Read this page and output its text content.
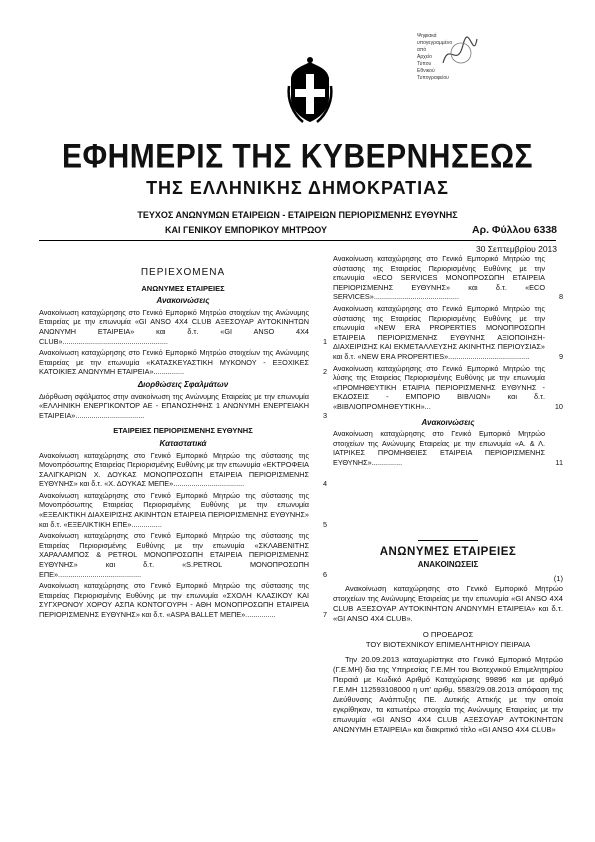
Ψηφιακά
υπογεγραμμένο
από
Αρχείο
Τύπου
Εθνικού
Τυπογραφείου
ΕΦΗΜΕΡΙΣ ΤΗΣ ΚΥΒΕΡΝΗΣΕΩΣ
ΤΗΣ ΕΛΛΗΝΙΚΗΣ ΔΗΜΟΚΡΑΤΙΑΣ
ΤΕΥΧΟΣ ΑΝΩΝΥΜΩΝ ΕΤΑΙΡΕΙΩΝ - ΕΤΑΙΡΕΙΩΝ ΠΕΡΙΟΡΙΣΜΕΝΗΣ ΕΥΘΥΝΗΣ
ΚΑΙ ΓΕΝΙΚΟΥ ΕΜΠΟΡΙΚΟΥ ΜΗΤΡΩΟΥ	Αρ. Φύλλου 6338
30 Σεπτεμβρίου 2013
ΠΕΡΙΕΧΟΜΕΝΑ
ΑΝΩΝΥΜΕΣ ΕΤΑΙΡΕΙΕΣ
Ανακοινώσεις
Ανακοίνωση καταχώρησης στο Γενικό Εμπορικό Μητρώο στοιχείων της Ανώνυμης Εταιρείας με την επωνυμία «GI ANSO 4X4 CLUB ΑΞΕΣΟΥΑΡ ΑΥΤΟΚΙΝΗΤΩΝ ΑΝΩΝΥΜΗ ΕΤΑΙΡΕΙΑ» και δ.τ. «GI ANSO 4X4 CLUB»....................................................	1
Ανακοίνωση καταχώρησης στο Γενικό Εμπορικό Μητρώο στοιχείων της Ανώνυμης Εταιρείας με την επωνυμία «ΚΑΤΑΣΚΕΥΑΣΤΙΚΗ ΜΥΚΟΝΟΥ - ΕΞΟΧΙΚΕΣ ΚΑΤΟΙΚΙΕΣ ΑΝΩΝΥΜΗ ΕΤΑΙΡΕΙΑ»...............	2
Διορθώσεις Σφαλμάτων
Διόρθωση σφάλματος στην ανακοίνωση της Ανώνυμης Εταιρείας με την επωνυμία «ΕΛΛΗΝΙΚΗ ΕΝΕΡΓΙΚΟΝΤΟΡ ΑΕ - ΕΠΑΝΟΣΗΦΗΣ 1 ΑΝΩΝΥΜΗ ΕΝΕΡΓΕΙΑΚΗ ΕΤΑΙΡΕΙΑ»..................................	3
ΕΤΑΙΡΕΙΕΣ ΠΕΡΙΟΡΙΣΜΕΝΗΣ ΕΥΘΥΝΗΣ
Καταστατικά
Ανακοίνωση καταχώρησης στο Γενικό Εμπορικό Μητρώο της σύστασης της Μονοπρόσωπης Εταιρείας Περιορισμένης Ευθύνης με την επωνυμία «ΕΚΤΡΟΦΕΙΑ ΣΑΛΙΓΚΑΡΙΩΝ Χ. ΔΟΥΚΑΣ ΜΟΝΟΠΡΟΣΩΠΗ ΕΤΑΙΡΕΙΑ ΠΕΡΙΟΡΙΣΜΕΝΗΣ ΕΥΘΥΝΗΣ» και δ.τ. «Χ. ΔΟΥΚΑΣ ΜΕΠΕ»...................................	4
Ανακοίνωση καταχώρησης στο Γενικό Εμπορικό Μητρώο της σύστασης της Μονοπρόσωπης Εταιρείας Περιορισμένης Ευθύνης με την επωνυμία «ΕΞΕΛΙΚΤΙΚΗ ΔΙΑΧΕΙΡΙΣΗΣ ΑΚΙΝΗΤΩΝ ΕΤΑΙΡΕΙΑ ΠΕΡΙΟΡΙΣΜΕΝΗΣ ΕΥΘΥΝΗΣ» και δ.τ. «ΕΞΕΛΙΚΤΙΚΗ ΕΠΕ»...............	5
Ανακοίνωση καταχώρησης στο Γενικό Εμπορικό Μητρώο της σύστασης της Εταιρείας Περιορισμένης Ευθύνης με την επωνυμία «ΣΚΛΑΒΕΝΙΤΗΣ ΧΑΡΑΛΑΜΠΟΣ & PETROL ΜΟΝΟΠΡΟΣΩΠΗ ΕΤΑΙΡΕΙΑ ΠΕΡΙΟΡΙΣΜΕΝΗΣ ΕΥΘΥΝΗΣ» και δ.τ. «S.PETROL ΜΟΝΟΠΡΟΣΩΠΗ ΕΠΕ».........................................	6
Ανακοίνωση καταχώρησης στο Γενικό Εμπορικό Μητρώο της σύστασης της Εταιρείας Περιορισμένης Ευθύνης με την επωνυμία «ΣΧΟΛΗ ΚΛΑΣΙΚΟΥ ΚΑΙ ΣΥΓΧΡΟΝΟΥ ΧΟΡΟΥ ΑΣΠΑ ΚΟΝΤΟΓΟΥΡΗ - ΑΘΗ ΜΟΝΟΠΡΟΣΩΠΗ ΕΤΑΙΡΕΙΑ ΠΕΡΙΟΡΙΣΜΕΝΗΣ ΕΥΘΥΝΗΣ» και δ.τ. «ASPA BALLET ΜΕΠΕ»...............	7
Ανακοίνωση καταχώρησης στο Γενικό Εμπορικό Μητρώο της σύστασης της Εταιρείας Περιορισμένης Ευθύνης με την επωνυμία «ECO SERVICES ΜΟΝΟΠΡΟΣΩΠΗ ΕΤΑΙΡΕΙΑ ΠΕΡΙΟΡΙΣΜΕΝΗΣ ΕΥΘΥΝΗΣ» και δ.τ. «ECO SERVICES»..........................................	8
Ανακοίνωση καταχώρησης στο Γενικό Εμπορικό Μητρώο της σύστασης της Εταιρείας Περιορισμένης Ευθύνης με την επωνυμία «NEW ERA PROPERTIES ΜΟΝΟΠΡΟΣΩΠΗ ΕΤΑΙΡΕΙΑ ΠΕΡΙΟΡΙΣΜΕΝΗΣ ΕΥΘΥΝΗΣ ΑΞΙΟΠΟΙΗΣΗ-ΔΙΑΧΕΙΡΙΣΗΣ ΚΑΙ ΕΚΜΕΤΑΛΛΕΥΣΗΣ ΑΚΙΝΗΤΗΣ ΠΕΡΙΟΥΣΙΑΣ» και δ.τ. «NEW ERA PROPERTIES»........................................	9
Ανακοίνωση καταχώρησης στο Γενικό Εμπορικό Μητρώο της λύσης της Εταιρείας Περιορισμένης Ευθύνης με την επωνυμία «ΠΡΟΜΗΘΕΥΤΙΚΗ ΕΤΑΙΡΙΑ ΠΕΡΙΟΡΙΣΜΕΝΗΣ ΕΥΘΥΝΗΣ - ΕΚΔΟΣΕΙΣ - ΕΜΠΟΡΙΟ ΒΙΒΛΙΩΝ» και δ.τ. «ΒΙΒΛΙΟΠΡΟΜΗΘΕΥΤΙΚΗ»...	10
Ανακοινώσεις
Ανακοίνωση καταχώρησης στο Γενικό Εμπορικό Μητρώο στοιχείων της Ανώνυμης Εταιρείας με την επωνυμία «Α. & Λ. ΙΑΤΡΙΚΕΣ ΠΡΟΜΗΘΕΙΕΣ ΕΤΑΙΡΕΙΑ ΠΕΡΙΟΡΙΣΜΕΝΗΣ ΕΥΘΥΝΗΣ»...............	11
ΑΝΩΝΥΜΕΣ ΕΤΑΙΡΕΙΕΣ
ΑΝΑΚΟΙΝΩΣΕΙΣ
(1)
Ανακοίνωση καταχώρησης στο Γενικό Εμπορικό Μητρώο στοιχείων της Ανώνυμης Εταιρείας με την επωνυμία «GI ANSO 4X4 CLUB ΑΞΕΣΟΥΑΡ ΑΥΤΟΚΙΝΗΤΩΝ ΑΝΩΝΥΜΗ ΕΤΑΙΡΕΙΑ» και δ.τ. «GI ANSO 4X4 CLUB».
Ο ΠΡΟΕΔΡΟΣ
ΤΟΥ ΒΙΟΤΕΧΝΙΚΟΥ ΕΠΙΜΕΛΗΤΗΡΙΟΥ ΠΕΙΡΑΙΑ
Την 20.09.2013 καταχωρίστηκε στο Γενικό Εμπορικό Μητρώο (Γ.Ε.ΜΗ) δια της Υπηρεσίας Γ.Ε.ΜΗ του Βιοτεχνικού Επιμελητηρίου Πειραιά με Κωδικό Αριθμό Καταχώρισης 99896 και με αριθμό Γ.Ε.ΜΗ 112593108000 η υπ' αριθμ. 5583/29.08.2013 απόφαση της Διεύθυνσης Ανάπτυξης ΠΕ. Δυτικής Αττικής με την οποία εγκρίθηκαν, τα κατωτέρω στοιχεία της Ανώνυμης Εταιρείας με την επωνυμία «GI ANSO 4X4 CLUB ΑΞΕΣΟΥΑΡ ΑΥΤΟΚΙΝΗΤΩΝ ΑΝΩΝΥΜΗ ΕΤΑΙΡΕΙΑ» και διακριτικό τίτλο «GI ANSO 4X4 CLUB»
